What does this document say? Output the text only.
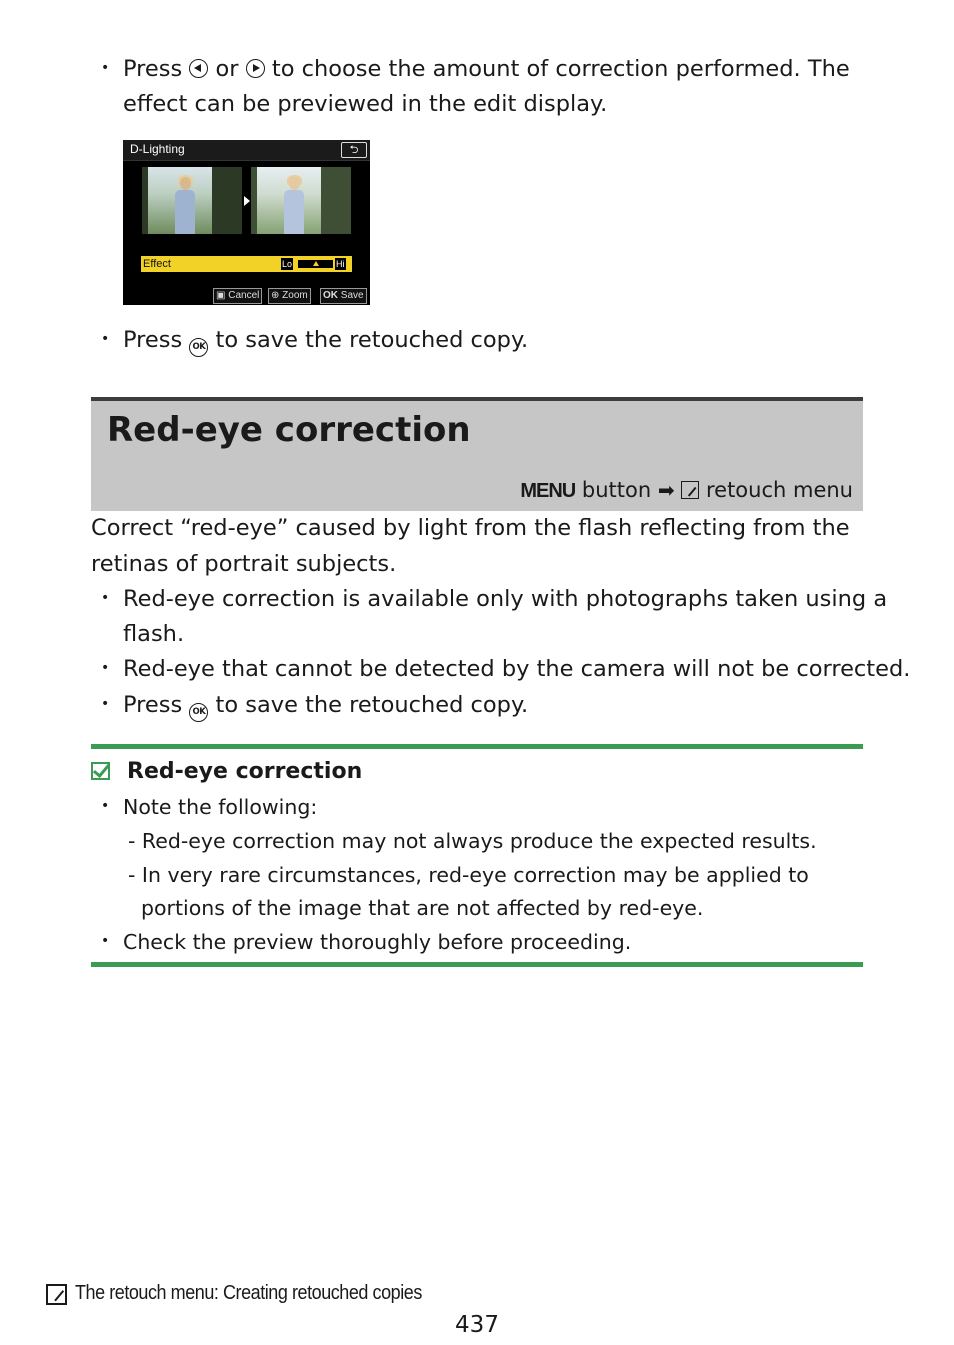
• Press or to choose the amount of correction performed. The
effect can be previewed in the edit display.
D-Lighting	⮌
Effect	Lo	Hi
▣ Cancel	⊕ Zoom	OK Save
• Press OK to save the retouched copy.
Red-eye correction
MENU button ➡ retouch menu
Correct “red-eye” caused by light from the flash reflecting from the
retinas of portrait subjects.
• Red-eye correction is available only with photographs taken using a
flash.
• Red-eye that cannot be detected by the camera will not be corrected.
• Press OK to save the retouched copy.
Red-eye correction
• Note the following:
- Red-eye correction may not always produce the expected results.
- In very rare circumstances, red-eye correction may be applied to
portions of the image that are not affected by red-eye.
• Check the preview thoroughly before proceeding.
The retouch menu: Creating retouched copies
437
